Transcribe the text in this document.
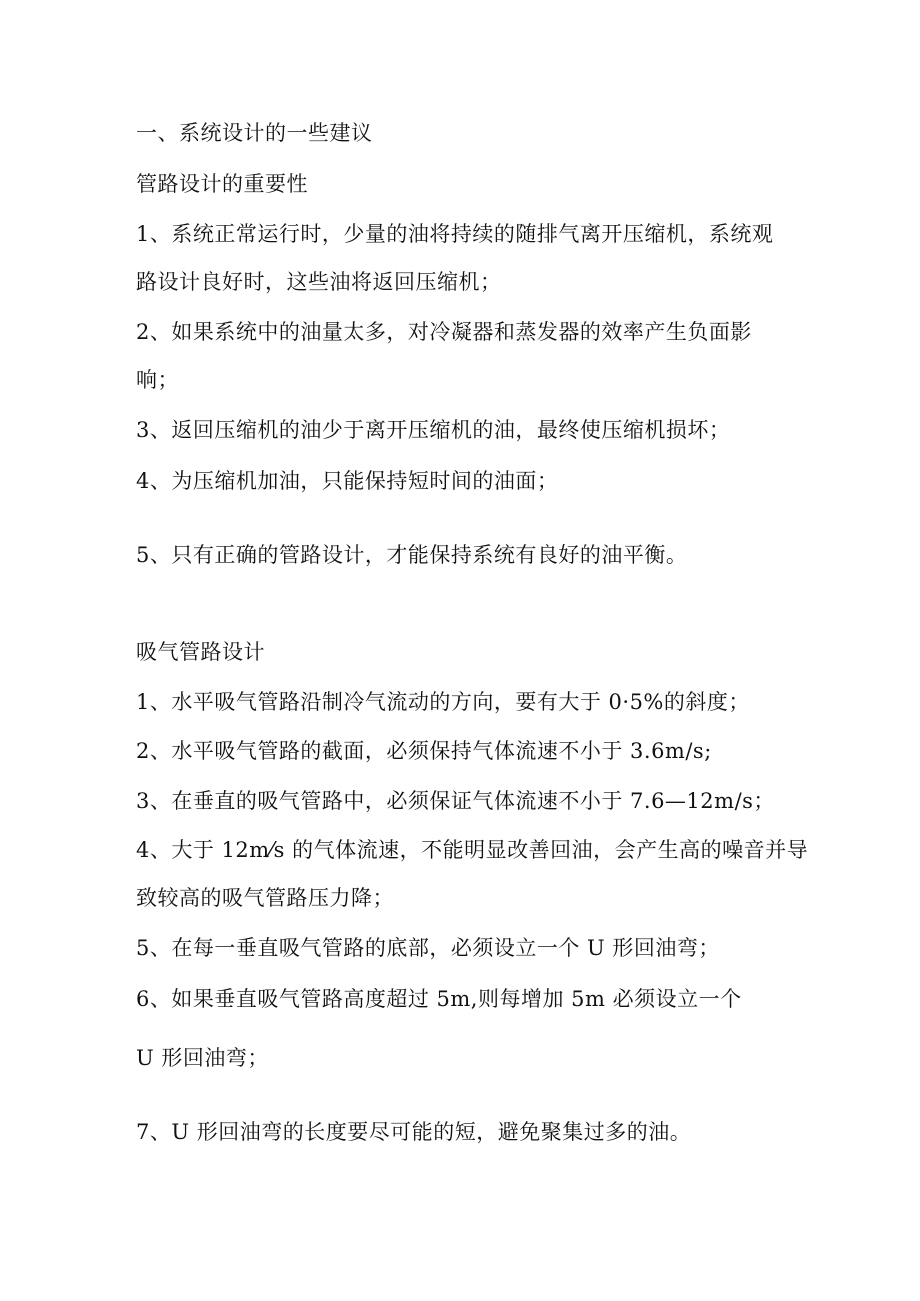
一、系统设计的一些建议
管路设计的重要性
1、系统正常运行时，少量的油将持续的随排气离开压缩机，系统观
路设计良好时，这些油将返回压缩机；
2、如果系统中的油量太多，对冷凝器和蒸发器的效率产生负面影
响；
3、返回压缩机的油少于离开压缩机的油，最终使压缩机损坏；
4、为压缩机加油，只能保持短时间的油面；
5、只有正确的管路设计，才能保持系统有良好的油平衡。
吸气管路设计
1、水平吸气管路沿制冷气流动的方向，要有大于 0·5%的斜度；
2、水平吸气管路的截面，必须保持气体流速不小于 3.6m/s;
3、在垂直的吸气管路中，必须保证气体流速不小于 7.6—12m/s；
4、大于 12m⁄s 的气体流速，不能明显改善回油，会产生高的噪音并导
致较高的吸气管路压力降；
5、在每一垂直吸气管路的底部，必须设立一个 U 形回油弯；
6、如果垂直吸气管路高度超过 5m,则每增加 5m 必须设立一个
U 形回油弯；
7、U 形回油弯的长度要尽可能的短，避免聚集过多的油。
